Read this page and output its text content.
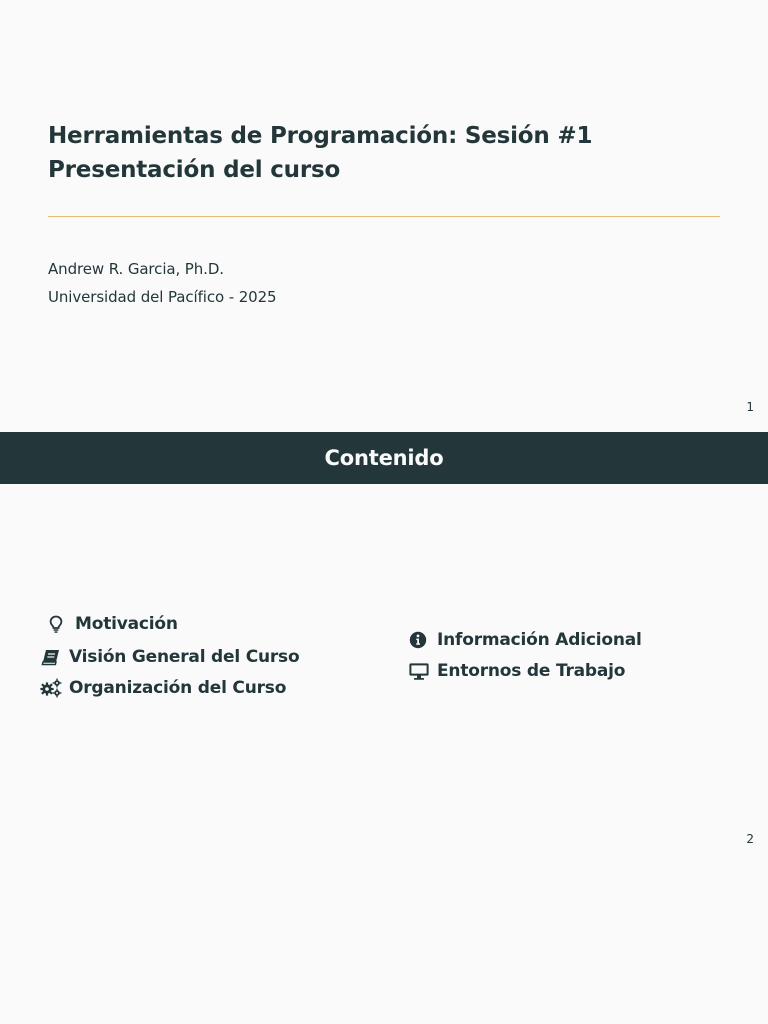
Herramientas de Programación: Sesión #1
Presentación del curso
Andrew R. Garcia, Ph.D.
Universidad del Pacífico - 2025
1
Contenido
Motivación
Visión General del Curso
Organización del Curso
Información Adicional
Entornos de Trabajo
2
